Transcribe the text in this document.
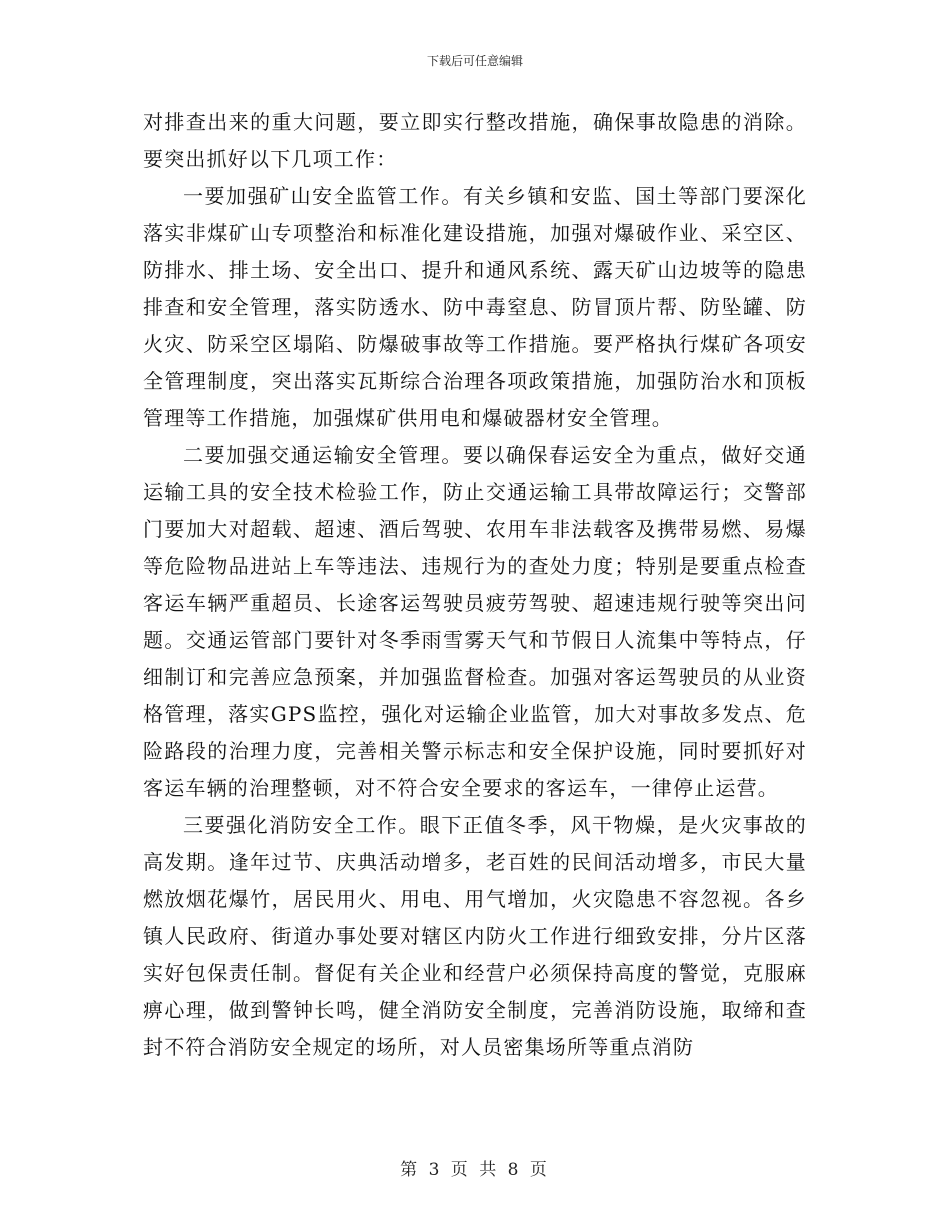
下载后可任意编辑

对排查出来的重大问题，要立即实行整改措施，确保事故隐患的消除。要突出抓好以下几项工作：

一要加强矿山安全监管工作。有关乡镇和安监、国土等部门要深化落实非煤矿山专项整治和标准化建设措施，加强对爆破作业、采空区、防排水、排土场、安全出口、提升和通风系统、露天矿山边坡等的隐患排查和安全管理，落实防透水、防中毒窒息、防冒顶片帮、防坠罐、防火灾、防采空区塌陷、防爆破事故等工作措施。要严格执行煤矿各项安全管理制度，突出落实瓦斯综合治理各项政策措施，加强防治水和顶板管理等工作措施，加强煤矿供用电和爆破器材安全管理。

二要加强交通运输安全管理。要以确保春运安全为重点，做好交通运输工具的安全技术检验工作，防止交通运输工具带故障运行；交警部门要加大对超载、超速、酒后驾驶、农用车非法载客及携带易燃、易爆等危险物品进站上车等违法、违规行为的查处力度；特别是要重点检查客运车辆严重超员、长途客运驾驶员疲劳驾驶、超速违规行驶等突出问题。交通运管部门要针对冬季雨雪雾天气和节假日人流集中等特点，仔细制订和完善应急预案，并加强监督检查。加强对客运驾驶员的从业资格管理，落实GPS监控，强化对运输企业监管，加大对事故多发点、危险路段的治理力度，完善相关警示标志和安全保护设施，同时要抓好对客运车辆的治理整顿，对不符合安全要求的客运车，一律停止运营。

三要强化消防安全工作。眼下正值冬季，风干物燥，是火灾事故的高发期。逢年过节、庆典活动增多，老百姓的民间活动增多，市民大量燃放烟花爆竹，居民用火、用电、用气增加，火灾隐患不容忽视。各乡镇人民政府、街道办事处要对辖区内防火工作进行细致安排，分片区落实好包保责任制。督促有关企业和经营户必须保持高度的警觉，克服麻痹心理，做到警钟长鸣，健全消防安全制度，完善消防设施，取缔和查封不符合消防安全规定的场所，对人员密集场所等重点消防

第 3 页 共 8 页
